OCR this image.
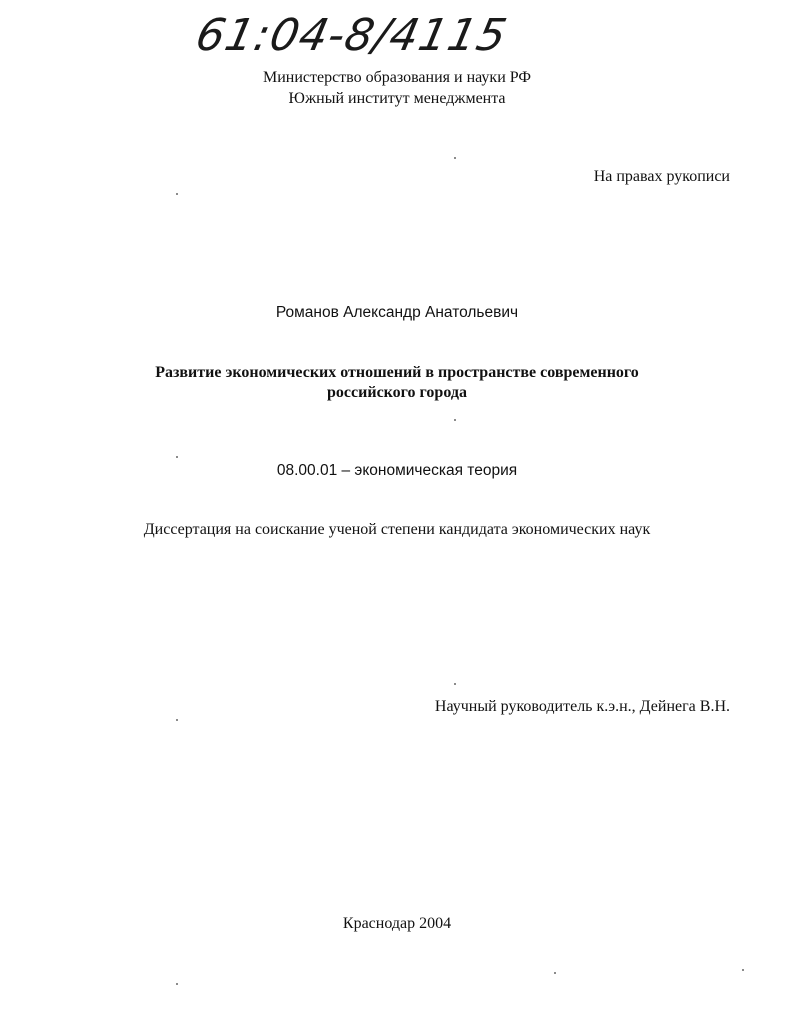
61:04-8/4115
Министерство образования и науки РФ
Южный институт менеджмента
На правах рукописи
Романов Александр Анатольевич
Развитие экономических отношений в пространстве современного
российского города
08.00.01 – экономическая теория
Диссертация на соискание ученой степени кандидата экономических наук
Научный руководитель к.э.н., Дейнега В.Н.
Краснодар 2004
